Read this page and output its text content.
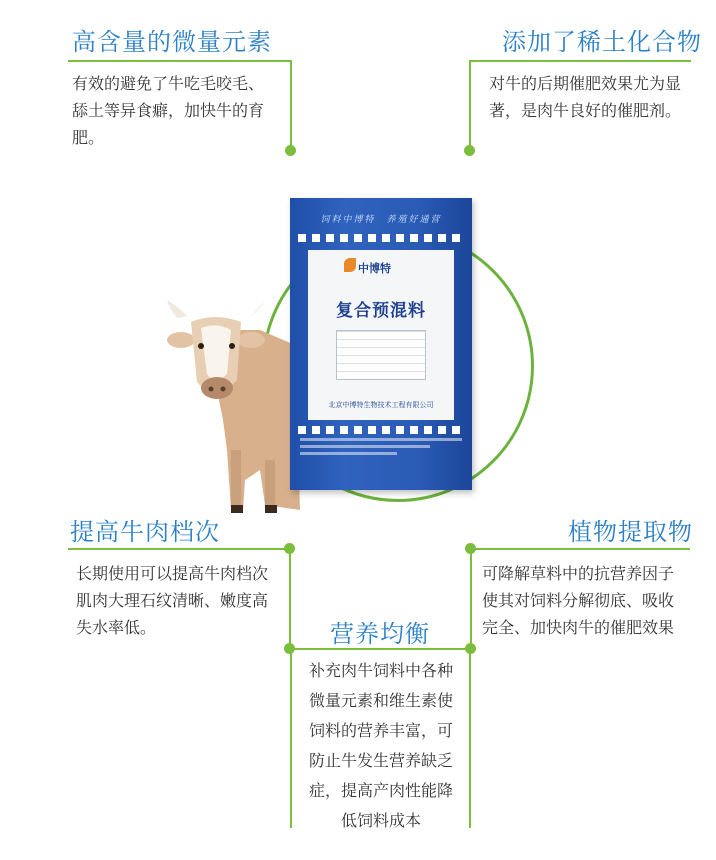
高含量的微量元素
有效的避免了牛吃毛咬毛、
舔土等异食癖，加快牛的育
肥。
添加了稀土化合物
对牛的后期催肥效果尤为显
著，是肉牛良好的催肥剂。
饲料中博特　养殖好通营
中博特
复合预混料
北京中博特生物技术工程有限公司
提高牛肉档次
长期使用可以提高牛肉档次
肌肉大理石纹清晰、嫩度高
失水率低。
植物提取物
可降解草料中的抗营养因子
使其对饲料分解彻底、吸收
完全、加快肉牛的催肥效果
营养均衡
补充肉牛饲料中各种
微量元素和维生素使
饲料的营养丰富，可
防止牛发生营养缺乏
症，提高产肉性能降
低饲料成本
